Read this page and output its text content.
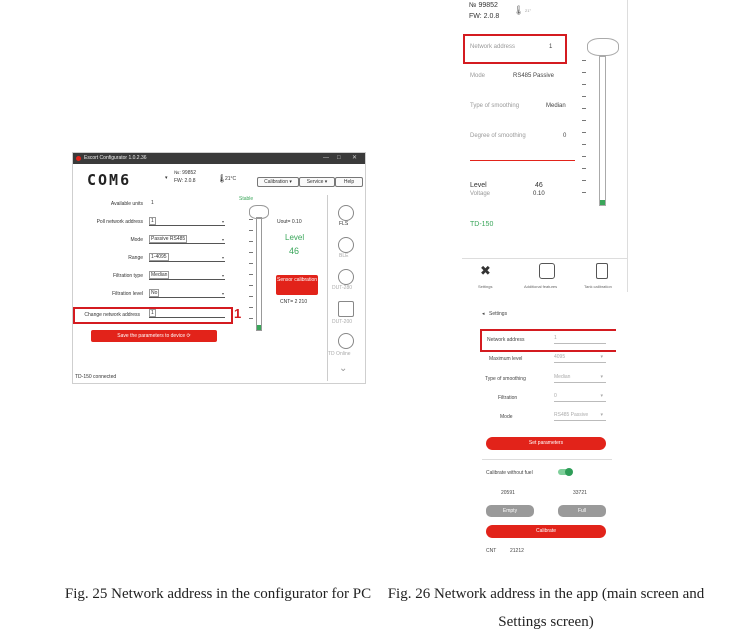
Escort Configurator 1.0.2.36	— □ ✕
COM6	▾
№: 99852
FW: 2.0.8	🌡
21°C	Calibration ▾	Service ▾	Help
Available units 1
Poll network address	1	▾
Mode	Passive RS485	▾
Range	1-4095	▾
Filtration type	Median	▾
Filtration level	No	▾
Change network address	1	1
Save the parameters to device ⟳
Stable
Uout= 0.10
Level
46
Sensor calibration
CNT= 2 210
FLS
BLE
DUT-280
DUT-200
TD Online
⌄
TD-150 connected
№ 99852
FW: 2.0.8
🌡 21°
Network address	1
Mode	RS485 Passive
Type of smoothing	Median
Degree of smoothing	0
Level	46
Voltage	0.10
TD-150
✖
Settings	Additional features	Tank calibration
◂ Settings
Network address	1
Maximum level	4095	▾
Type of smoothing	Median	▾
Filtration	0	▾
Mode	RS485 Passive ▾
Set parameters
Calibrate without fuel
20591	33721
Empty	Full
Calibrate
CNT	21212
Fig. 25 Network address in the configurator for PC	Fig. 26 Network address in the app (main screen and Settings screen)
